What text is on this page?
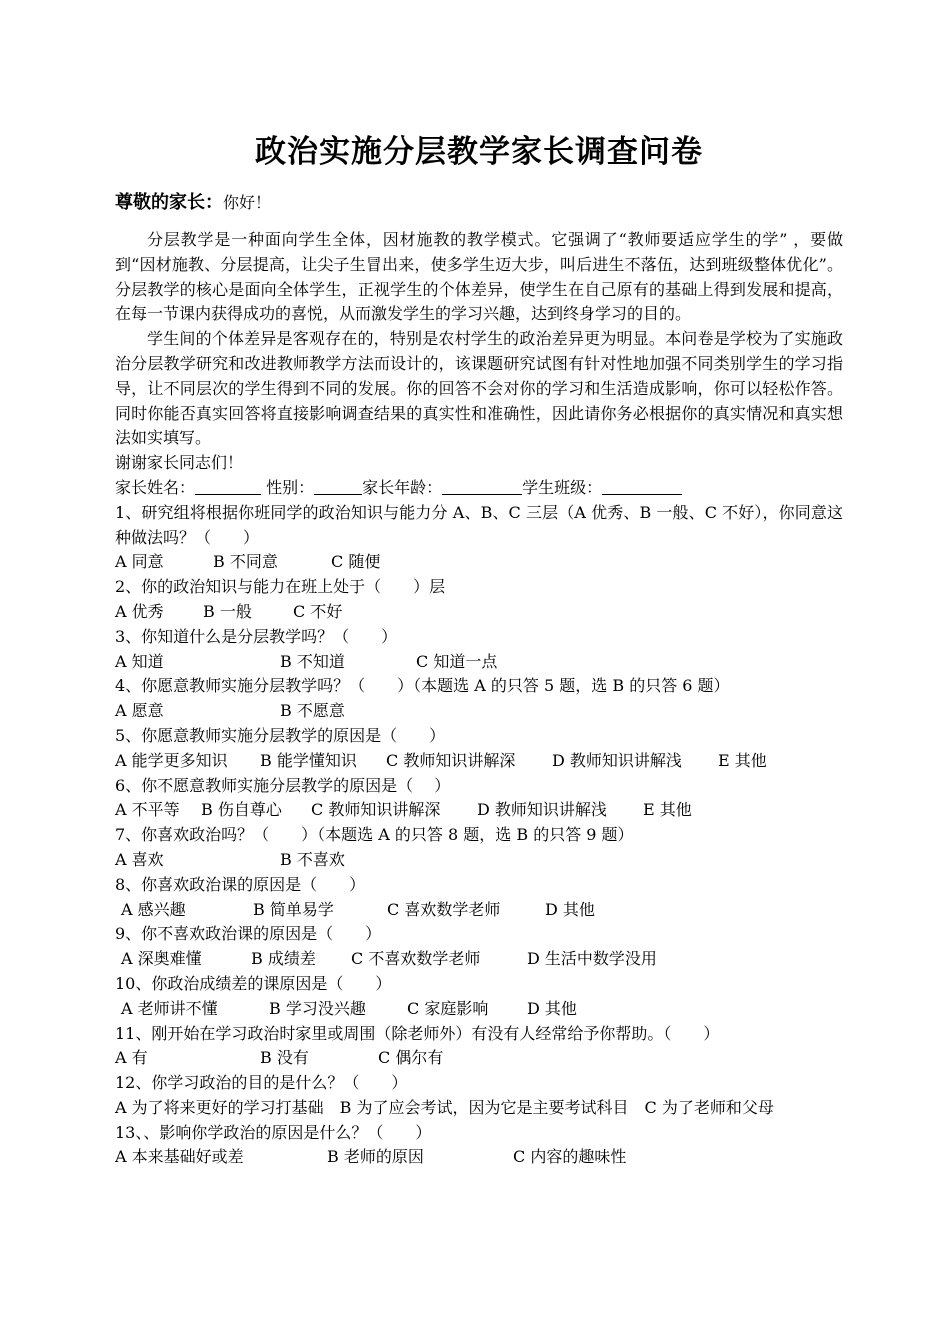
政治实施分层教学家长调查问卷
尊敬的家长：你好！

分层教学是一种面向学生全体，因材施教的教学模式。它强调了“教师要适应学生的学” ，要做到“因材施教、分层提高，让尖子生冒出来，使多学生迈大步，叫后进生不落伍，达到班级整体优化”。分层教学的核心是面向全体学生，正视学生的个体差异，使学生在自己原有的基础上得到发展和提高，在每一节课内获得成功的喜悦，从而激发学生的学习兴趣，达到终身学习的目的。

学生间的个体差异是客观存在的，特别是农村学生的政治差异更为明显。本问卷是学校为了实施政治分层教学研究和改进教师教学方法而设计的，该课题研究试图有针对性地加强不同类别学生的学习指导，让不同层次的学生得到不同的发展。你的回答不会对你的学习和生活造成影响，你可以轻松作答。同时你能否真实回答将直接影响调查结果的真实性和准确性，因此请你务必根据你的真实情况和真实想法如实填写。

谢谢家长同志们！

家长姓名：	性别：	家长年龄：	学生班级：
1、研究组将根据你班同学的政治知识与能力分 A、B、C 三层（A 优秀、B 一般、C 不好），你同意这种做法吗？（　　）
A 同意	B 不同意	C 随便
2、你的政治知识与能力在班上处于（　　）层
A 优秀	B 一般	C 不好
3、你知道什么是分层教学吗？（　　）
A 知道	B 不知道	C 知道一点
4、你愿意教师实施分层教学吗？（　　）（本题选 A 的只答 5 题，选 B 的只答 6 题）
A 愿意	B 不愿意
5、你愿意教师实施分层教学的原因是（　　）
A 能学更多知识	B 能学懂知识	C 教师知识讲解深	D 教师知识讲解浅	E 其他
6、你不愿意教师实施分层教学的原因是（　 ）
A 不平等	B 伤自尊心	C 教师知识讲解深	D 教师知识讲解浅	E 其他
7、你喜欢政治吗？（　　）（本题选 A 的只答 8 题，选 B 的只答 9 题）
A 喜欢	B 不喜欢
8、你喜欢政治课的原因是（　　）
A 感兴趣	B 简单易学	C 喜欢数学老师	D 其他
9、你不喜欢政治课的原因是（　　）
A 深奥难懂	B 成绩差	C 不喜欢数学老师	D 生活中数学没用
10、你政治成绩差的课原因是（　　）
A 老师讲不懂	B 学习没兴趣	C 家庭影响	D 其他
11、刚开始在学习政治时家里或周围（除老师外）有没有人经常给予你帮助。（　　）
A 有	B 没有	C 偶尔有
12、你学习政治的目的是什么？（　　）
A 为了将来更好的学习打基础　B 为了应会考试，因为它是主要考试科目　C 为了老师和父母
13、、影响你学政治的原因是什么？（　　）
A 本来基础好或差	B 老师的原因	C 内容的趣味性
